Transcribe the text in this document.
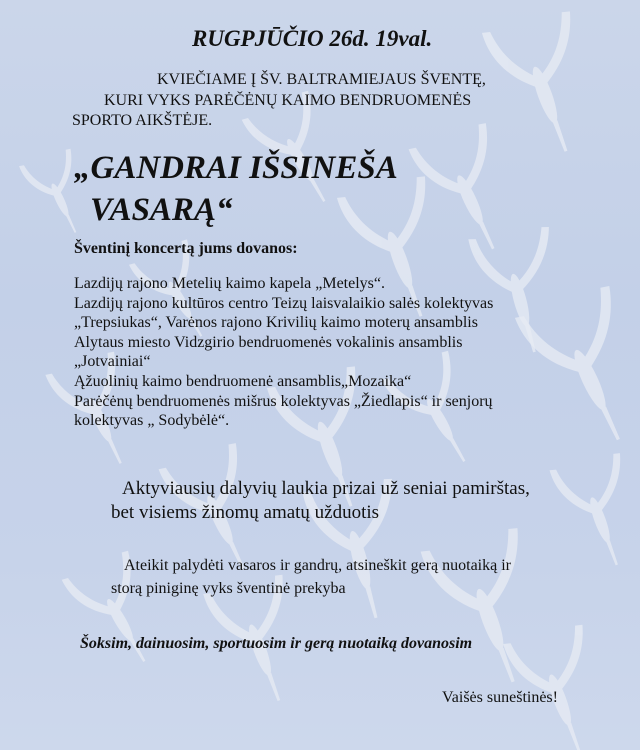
RUGPJŪČIO 26d. 19val.

KVIEČIAME Į ŠV. BALTRAMIEJAUS ŠVENTĘ,

KURI VYKS PARĖČĖNŲ KAIMO BENDRUOMENĖS

SPORTO AIKŠTĖJE.

„GANDRAI IŠSINEŠA
VASARĄ“

Šventinį koncertą jums dovanos:

Lazdijų rajono Metelių kaimo kapela „Metelys“.
Lazdijų rajono kultūros centro Teizų laisvalaikio salės kolektyvas
„Trepsiukas“, Varėnos rajono Krivilių kaimo moterų ansamblis
Alytaus miesto Vidzgirio bendruomenės vokalinis ansamblis
„Jotvainiai“
Ąžuolinių kaimo bendruomenė ansamblis„Mozaika“
Parėčėnų bendruomenės mišrus kolektyvas „Žiedlapis“ ir senjorų
kolektyvas „ Sodybėlė“.

Aktyviausių dalyvių laukia prizai už seniai pamirštas,

bet visiems žinomų amatų užduotis

Ateikit palydėti vasaros ir gandrų, atsineškit gerą nuotaiką ir

storą piniginę vyks šventinė prekyba

Šoksim, dainuosim, sportuosim ir gerą nuotaiką dovanosim

Vaišės suneštinės!
